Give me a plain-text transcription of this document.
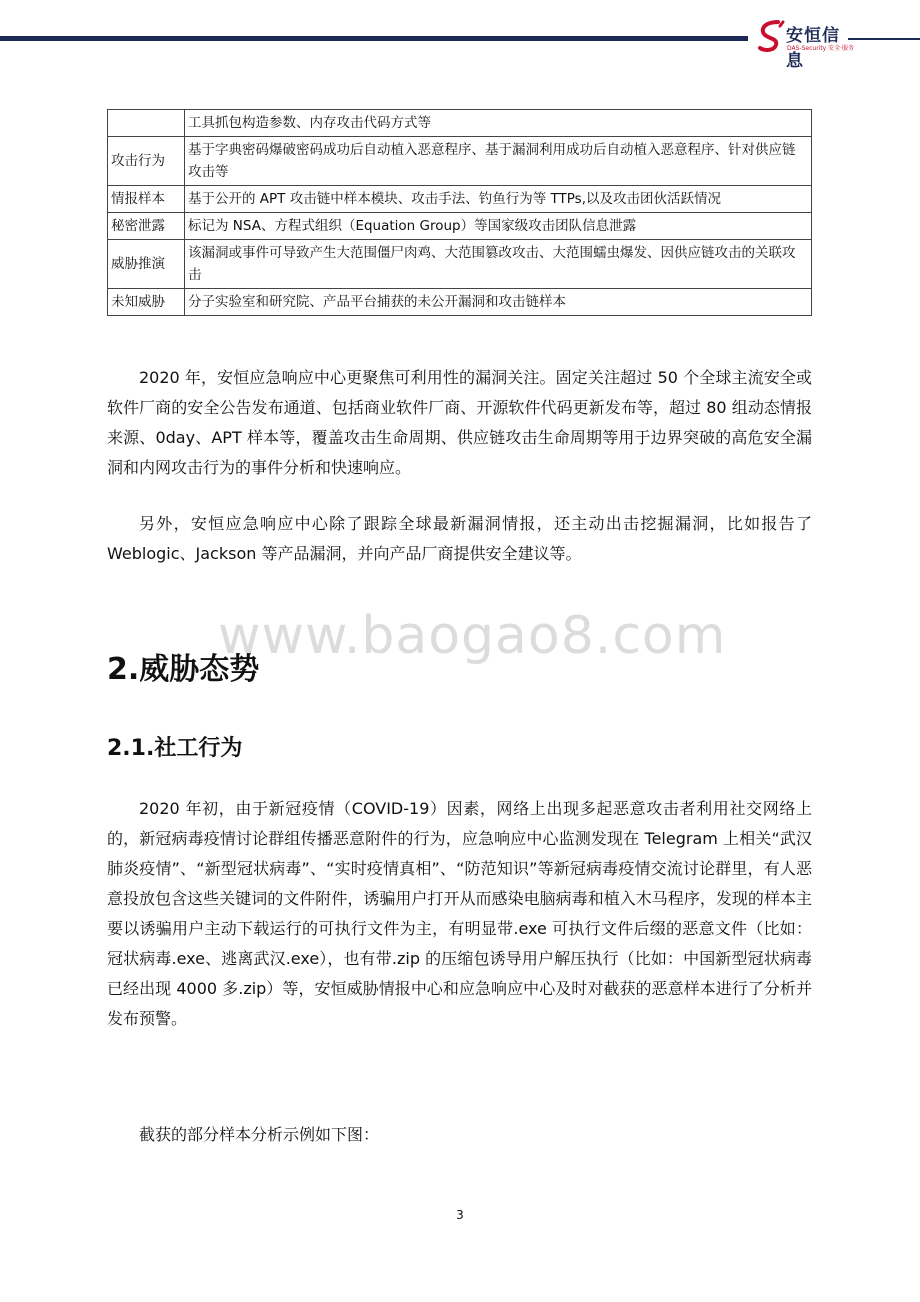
安恒信息
DAS-Security 安全·服务
	工具抓包构造参数、内存攻击代码方式等
攻击行为	基于字典密码爆破密码成功后自动植入恶意程序、基于漏洞利用成功后自动植入恶意程序、针对供应链攻击等
情报样本	基于公开的 APT 攻击链中样本模块、攻击手法、钓鱼行为等 TTPs,以及攻击团伙活跃情况
秘密泄露	标记为 NSA、方程式组织（Equation Group）等国家级攻击团队信息泄露
威胁推演	该漏洞或事件可导致产生大范围僵尸肉鸡、大范围篡改攻击、大范围蠕虫爆发、因供应链攻击的关联攻击
未知威胁	分子实验室和研究院、产品平台捕获的未公开漏洞和攻击链样本

2020 年，安恒应急响应中心更聚焦可利用性的漏洞关注。固定关注超过 50 个全球主流安全或软件厂商的安全公告发布通道、包括商业软件厂商、开源软件代码更新发布等，超过 80 组动态情报来源、0day、APT 样本等，覆盖攻击生命周期、供应链攻击生命周期等用于边界突破的高危安全漏洞和内网攻击行为的事件分析和快速响应。

另外，安恒应急响应中心除了跟踪全球最新漏洞情报，还主动出击挖掘漏洞，比如报告了 Weblogic、Jackson 等产品漏洞，并向产品厂商提供安全建议等。

www.baogao8.com
2.威胁态势
2.1.社工行为

2020 年初，由于新冠疫情（COVID-19）因素，网络上出现多起恶意攻击者利用社交网络上的，新冠病毒疫情讨论群组传播恶意附件的行为，应急响应中心监测发现在 Telegram 上相关“武汉肺炎疫情”、“新型冠状病毒”、“实时疫情真相”、“防范知识”等新冠病毒疫情交流讨论群里，有人恶意投放包含这些关键词的文件附件，诱骗用户打开从而感染电脑病毒和植入木马程序，发现的样本主要以诱骗用户主动下载运行的可执行文件为主，有明显带.exe 可执行文件后缀的恶意文件（比如：冠状病毒.exe、逃离武汉.exe），也有带.zip 的压缩包诱导用户解压执行（比如：中国新型冠状病毒已经出现 4000 多.zip）等，安恒威胁情报中心和应急响应中心及时对截获的恶意样本进行了分析并发布预警。

截获的部分样本分析示例如下图：

3
